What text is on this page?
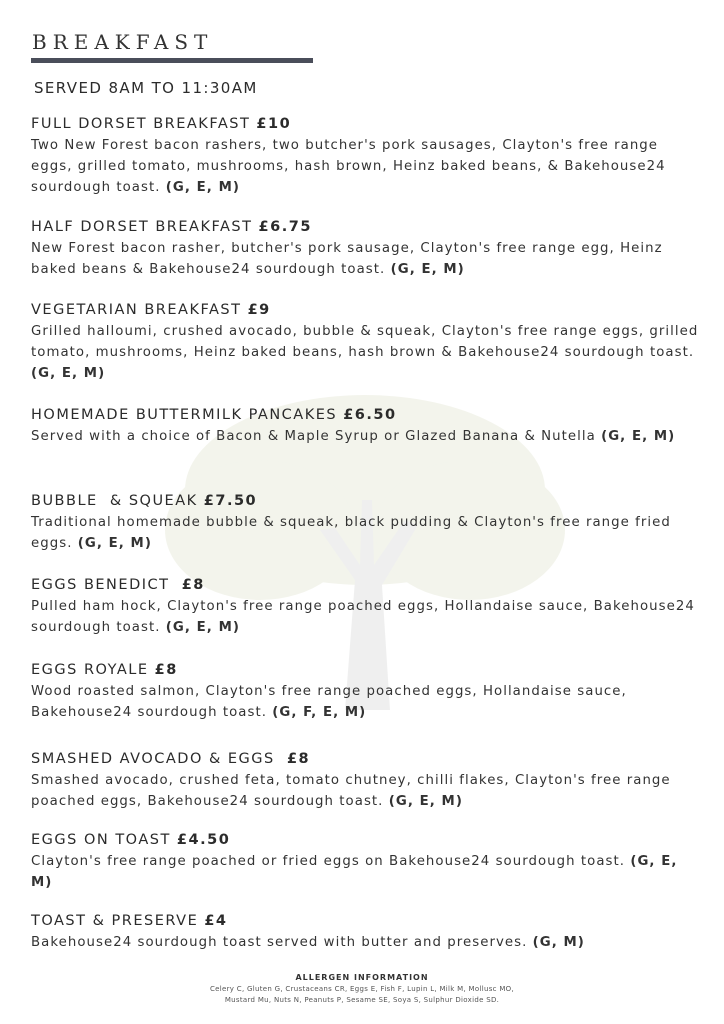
BREAKFAST
SERVED 8AM TO 11:30AM
FULL DORSET BREAKFAST £10
Two New Forest bacon rashers, two butcher's pork sausages, Clayton's free range eggs, grilled tomato, mushrooms, hash brown, Heinz baked beans, & Bakehouse24 sourdough toast. (G, E, M)
HALF DORSET BREAKFAST £6.75
New Forest bacon rasher, butcher's pork sausage, Clayton's free range egg, Heinz baked beans & Bakehouse24 sourdough toast. (G, E, M)
VEGETARIAN BREAKFAST £9
Grilled halloumi, crushed avocado, bubble & squeak, Clayton's free range eggs, grilled tomato, mushrooms, Heinz baked beans, hash brown & Bakehouse24 sourdough toast. (G, E, M)
HOMEMADE BUTTERMILK PANCAKES £6.50
Served with a choice of Bacon & Maple Syrup or Glazed Banana & Nutella (G, E, M)
BUBBLE  & SQUEAK £7.50
Traditional homemade bubble & squeak, black pudding & Clayton's free range fried eggs. (G, E, M)
EGGS BENEDICT  £8
Pulled ham hock, Clayton's free range poached eggs, Hollandaise sauce, Bakehouse24 sourdough toast. (G, E, M)
EGGS ROYALE £8
Wood roasted salmon, Clayton's free range poached eggs, Hollandaise sauce, Bakehouse24 sourdough toast. (G, F, E, M)
SMASHED AVOCADO & EGGS  £8
Smashed avocado, crushed feta, tomato chutney, chilli flakes, Clayton's free range poached eggs, Bakehouse24 sourdough toast. (G, E, M)
EGGS ON TOAST £4.50
Clayton's free range poached or fried eggs on Bakehouse24 sourdough toast. (G, E, M)
TOAST & PRESERVE £4
Bakehouse24 sourdough toast served with butter and preserves. (G, M)
ALLERGEN INFORMATION
Celery C, Gluten G, Crustaceans CR, Eggs E, Fish F, Lupin L, Milk M, Mollusc MO,
Mustard Mu, Nuts N, Peanuts P, Sesame SE, Soya S, Sulphur Dioxide SD.
